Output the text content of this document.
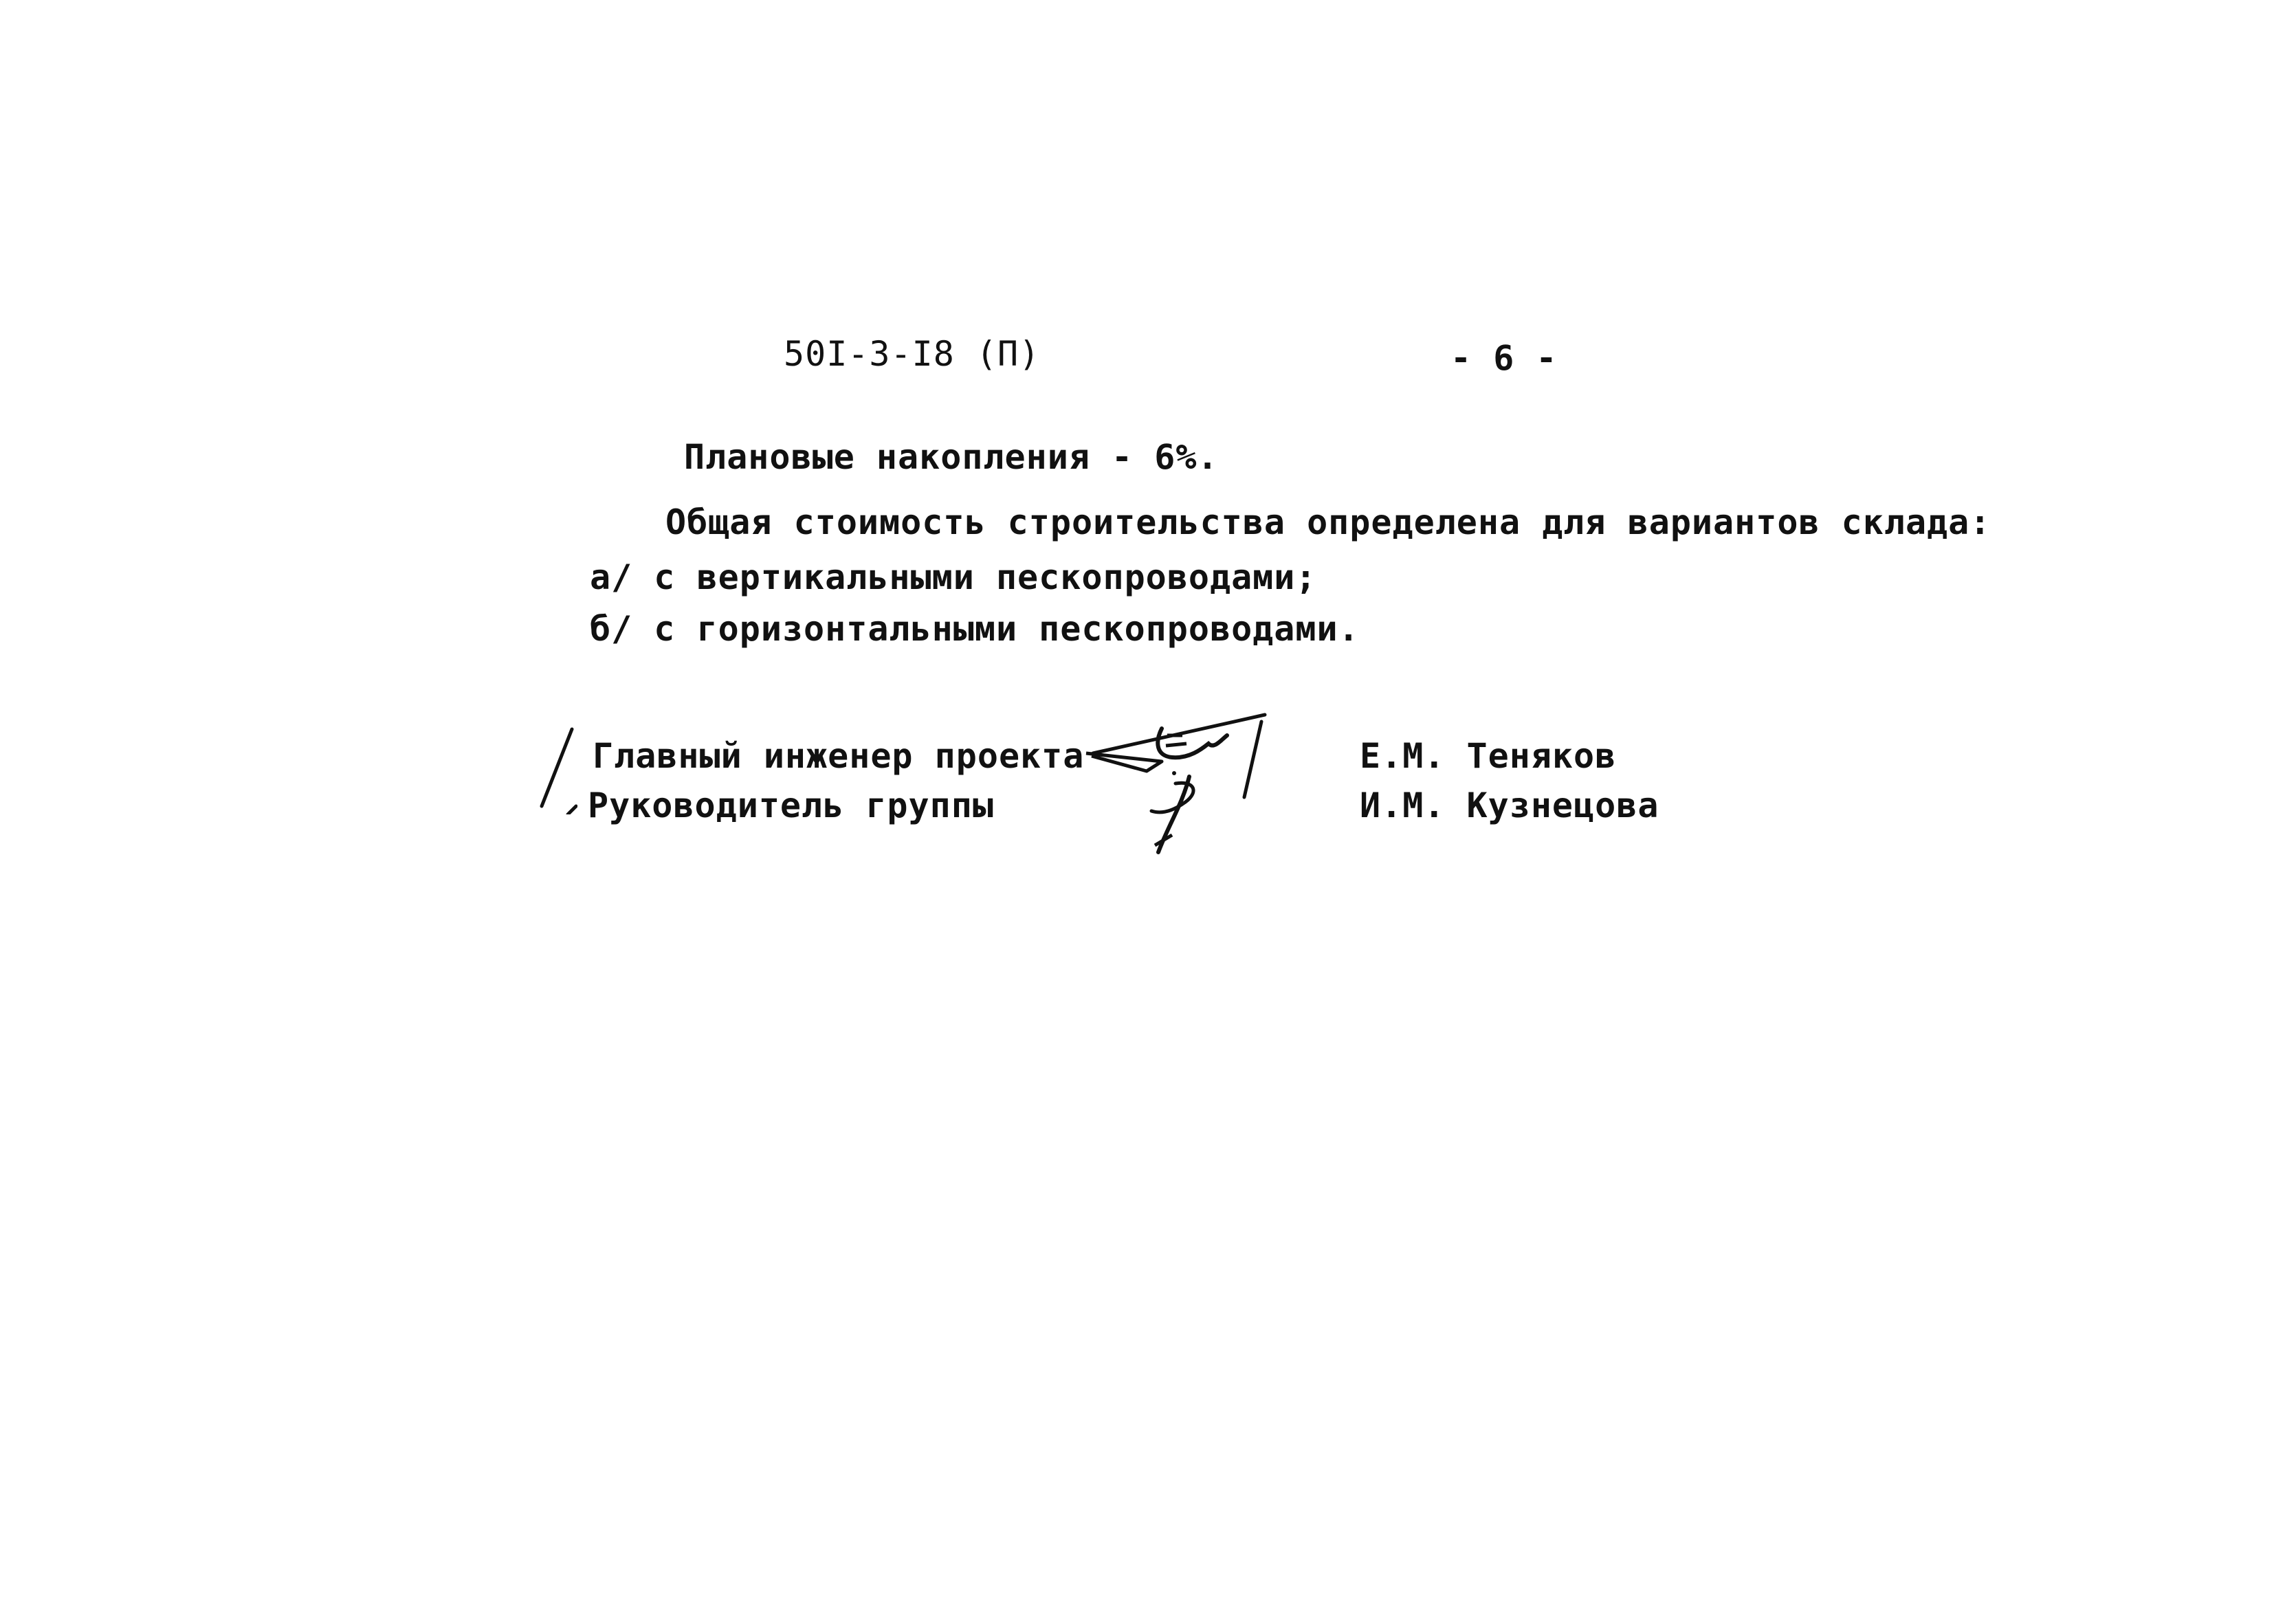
50I-3-I8 (П)	- 6 -
Плановые накопления - 6%.
Общая стоимость строительства определена для вариантов склада:
а/ с вертикальными пескопроводами;
б/ с горизонтальными пескопроводами.
Главный инженер проекта
Руководитель группы
Е.М. Теняков
И.М. Кузнецова
